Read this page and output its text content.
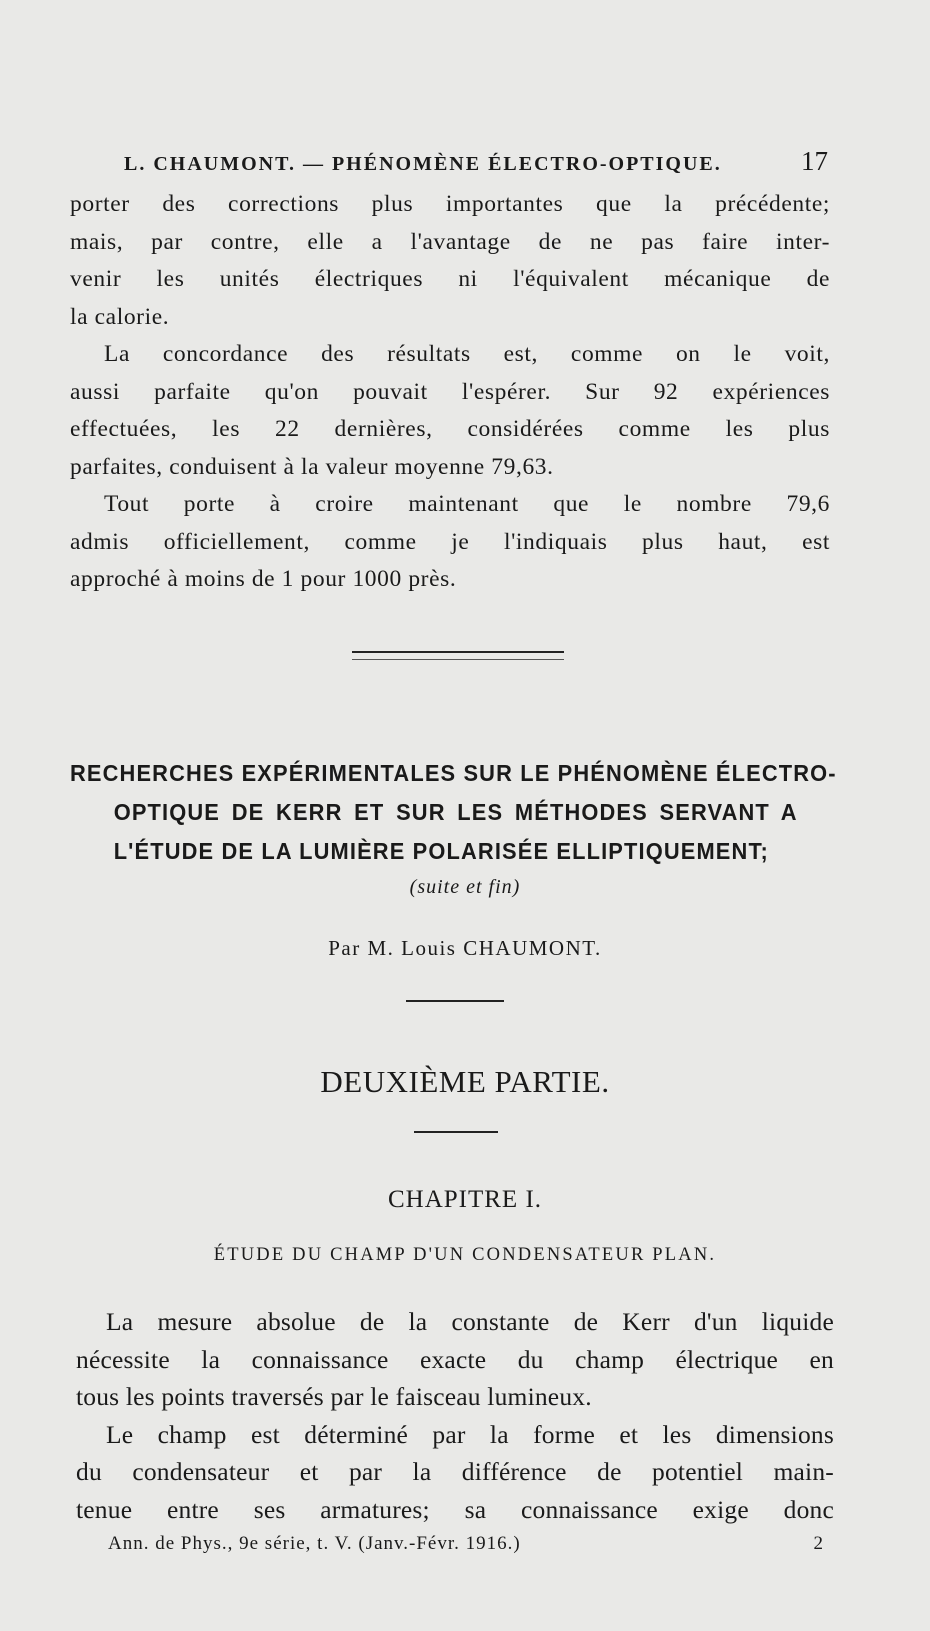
L. CHAUMONT. — PHÉNOMÈNE ÉLECTRO-OPTIQUE.	17
porter des corrections plus importantes que la précédente;
mais, par contre, elle a l'avantage de ne pas faire inter-
venir les unités électriques ni l'équivalent mécanique de
la calorie.
La concordance des résultats est, comme on le voit,
aussi parfaite qu'on pouvait l'espérer. Sur 92 expériences
effectuées, les 22 dernières, considérées comme les plus
parfaites, conduisent à la valeur moyenne 79,63.
Tout porte à croire maintenant que le nombre 79,6
admis officiellement, comme je l'indiquais plus haut, est
approché à moins de 1 pour 1000 près.
RECHERCHES EXPÉRIMENTALES SUR LE PHÉNOMÈNE ÉLECTRO-
OPTIQUE DE KERR ET SUR LES MÉTHODES SERVANT A
L'ÉTUDE DE LA LUMIÈRE POLARISÉE ELLIPTIQUEMENT;
(suite et fin)
Par M. Louis CHAUMONT.
DEUXIÈME PARTIE.
CHAPITRE I.
ÉTUDE DU CHAMP D'UN CONDENSATEUR PLAN.
La mesure absolue de la constante de Kerr d'un liquide
nécessite la connaissance exacte du champ électrique en
tous les points traversés par le faisceau lumineux.
Le champ est déterminé par la forme et les dimensions
du condensateur et par la différence de potentiel main-
tenue entre ses armatures; sa connaissance exige donc
Ann. de Phys., 9e série, t. V. (Janv.-Févr. 1916.)	2
